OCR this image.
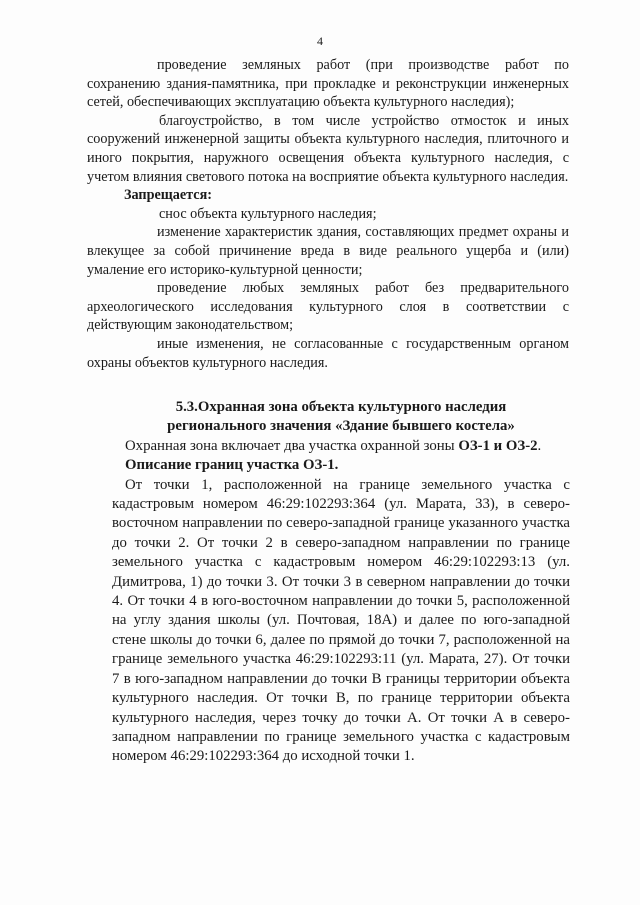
4

проведение земляных работ (при производстве работ по сохранению здания-памятника, при прокладке и реконструкции инженерных сетей, обеспечивающих эксплуатацию объекта культурного наследия);

благоустройство, в том числе устройство отмосток и иных сооружений инженерной защиты объекта культурного наследия, плиточного и иного покрытия, наружного освещения объекта культурного наследия, с учетом влияния светового потока на восприятие объекта культурного наследия.

Запрещается:

снос объекта культурного наследия;

изменение характеристик здания, составляющих предмет охраны и влекущее за собой причинение вреда в виде реального ущерба и (или) умаление его историко-культурной ценности;

проведение любых земляных работ без предварительного археологического исследования культурного слоя в соответствии с действующим законодательством;

иные изменения, не согласованные с государственным органом охраны объектов культурного наследия.

5.3.Охранная зона объекта культурного наследия

регионального значения «Здание бывшего костела»

Охранная зона включает два участка охранной зоны ОЗ-1 и ОЗ-2.

Описание границ участка ОЗ-1.

От точки 1, расположенной на границе земельного участка с кадастровым номером 46:29:102293:364 (ул. Марата, 33), в северо-восточном направлении по северо-западной границе указанного участка до точки 2. От точки 2 в северо-западном направлении по границе земельного участка с кадастровым номером 46:29:102293:13 (ул. Димитрова, 1) до точки 3. От точки 3 в северном направлении до точки 4. От точки 4 в юго-восточном направлении до точки 5, расположенной на углу здания школы (ул. Почтовая, 18А) и далее по юго-западной стене школы до точки 6, далее по прямой до точки 7, расположенной на границе земельного участка 46:29:102293:11 (ул. Марата, 27). От точки 7 в юго-западном направлении до точки В границы территории объекта культурного наследия. От точки В, по границе территории объекта культурного наследия, через точку до точки А. От точки А в северо-западном направлении по границе земельного участка с кадастровым номером 46:29:102293:364 до исходной точки 1.
